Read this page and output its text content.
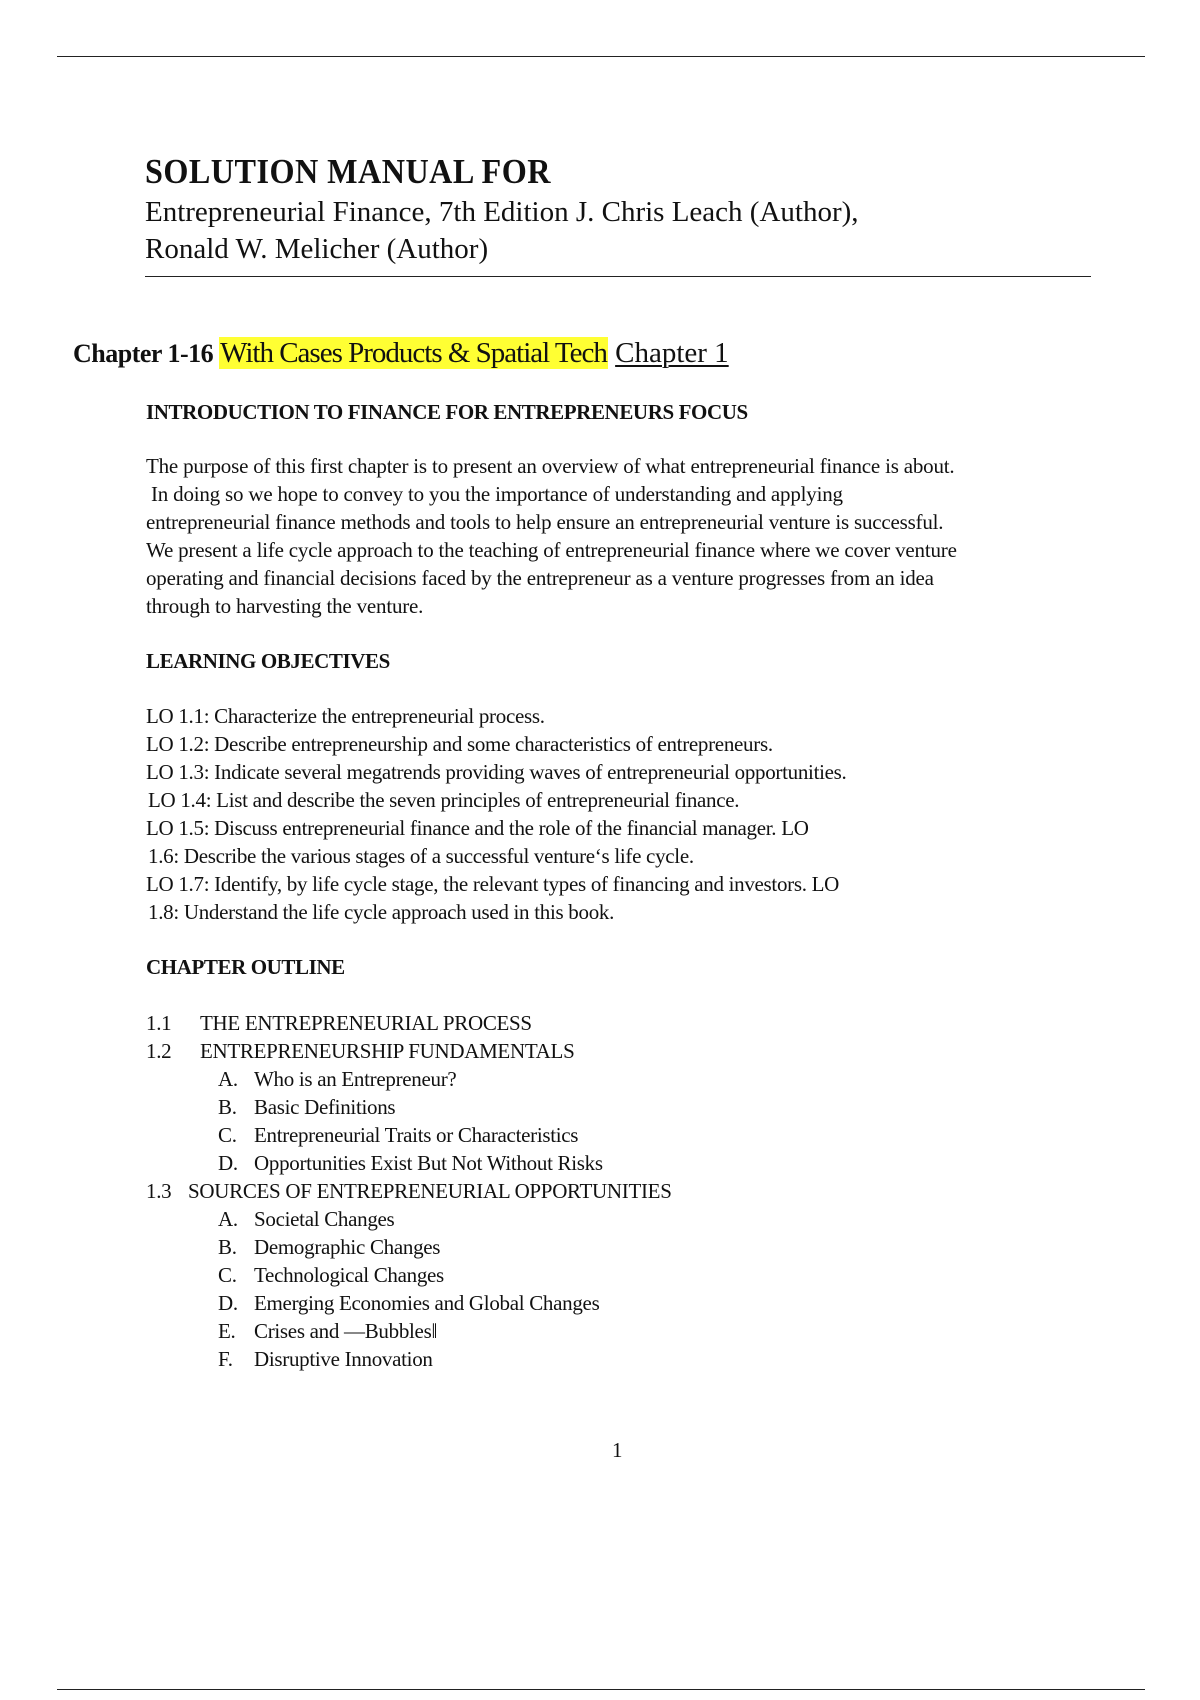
SOLUTION MANUAL FOR
Entrepreneurial Finance, 7th Edition J. Chris Leach (Author),
Ronald W. Melicher (Author)
Chapter 1-16 With Cases Products & Spatial Tech Chapter 1
INTRODUCTION TO FINANCE FOR ENTREPRENEURS FOCUS

The purpose of this first chapter is to present an overview of what entrepreneurial finance is about.
In doing so we hope to convey to you the importance of understanding and applying
entrepreneurial finance methods and tools to help ensure an entrepreneurial venture is successful.
We present a life cycle approach to the teaching of entrepreneurial finance where we cover venture
operating and financial decisions faced by the entrepreneur as a venture progresses from an idea
through to harvesting the venture.

LEARNING OBJECTIVES
LO 1.1: Characterize the entrepreneurial process.
LO 1.2: Describe entrepreneurship and some characteristics of entrepreneurs.
LO 1.3: Indicate several megatrends providing waves of entrepreneurial opportunities.
LO 1.4: List and describe the seven principles of entrepreneurial finance.
LO 1.5: Discuss entrepreneurial finance and the role of the financial manager. LO
1.6: Describe the various stages of a successful venture‘s life cycle.
LO 1.7: Identify, by life cycle stage, the relevant types of financing and investors. LO
1.8: Understand the life cycle approach used in this book.
CHAPTER OUTLINE
1.1 THE ENTREPRENEURIAL PROCESS
1.2 ENTREPRENEURSHIP FUNDAMENTALS
A. Who is an Entrepreneur?
B. Basic Definitions
C. Entrepreneurial Traits or Characteristics
D. Opportunities Exist But Not Without Risks
1.3 SOURCES OF ENTREPRENEURIAL OPPORTUNITIES
A. Societal Changes
B. Demographic Changes
C. Technological Changes
D. Emerging Economies and Global Changes
E. Crises and ―Bubbles‖
F. Disruptive Innovation
1
